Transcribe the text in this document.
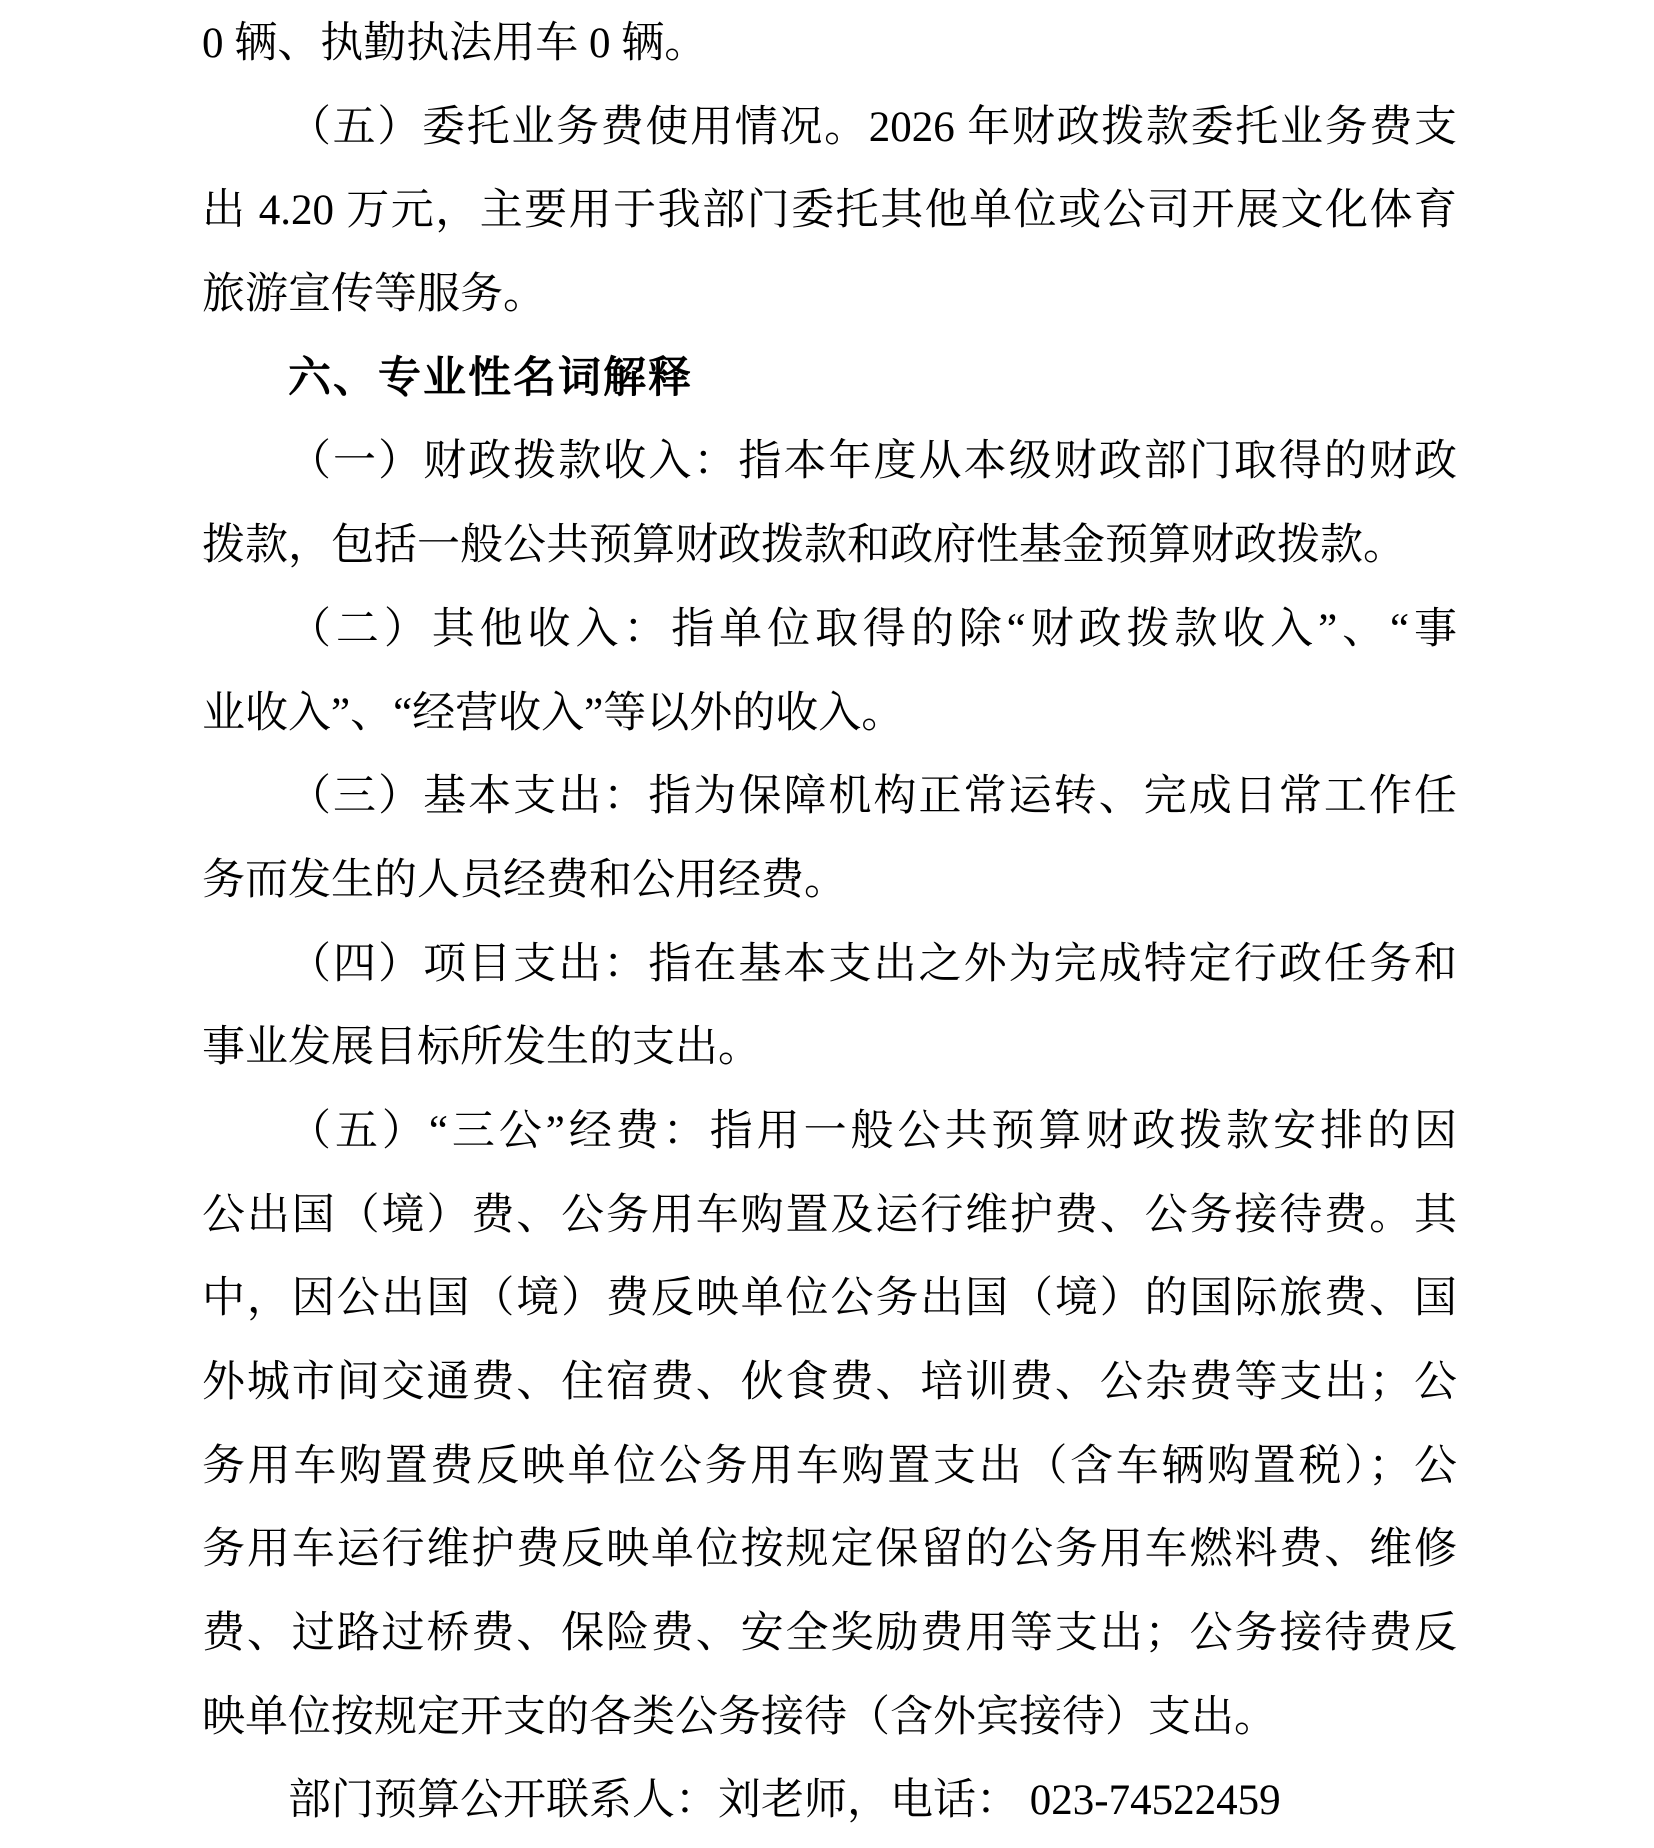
0 辆、执勤执法用车 0 辆。
（五）委托业务费使用情况。2026 年财政拨款委托业务费支
出 4.20 万元，主要用于我部门委托其他单位或公司开展文化体育
旅游宣传等服务。
六、专业性名词解释
（一）财政拨款收入：指本年度从本级财政部门取得的财政
拨款，包括一般公共预算财政拨款和政府性基金预算财政拨款。
（二）其他收入：指单位取得的除“财政拨款收入”、“事
业收入”、“经营收入”等以外的收入。
（三）基本支出：指为保障机构正常运转、完成日常工作任
务而发生的人员经费和公用经费。
（四）项目支出：指在基本支出之外为完成特定行政任务和
事业发展目标所发生的支出。
（五）“三公”经费：指用一般公共预算财政拨款安排的因
公出国（境）费、公务用车购置及运行维护费、公务接待费。其
中，因公出国（境）费反映单位公务出国（境）的国际旅费、国
外城市间交通费、住宿费、伙食费、培训费、公杂费等支出；公
务用车购置费反映单位公务用车购置支出（含车辆购置税）；公
务用车运行维护费反映单位按规定保留的公务用车燃料费、维修
费、过路过桥费、保险费、安全奖励费用等支出；公务接待费反
映单位按规定开支的各类公务接待（含外宾接待）支出。
部门预算公开联系人：刘老师，电话： 023-74522459
